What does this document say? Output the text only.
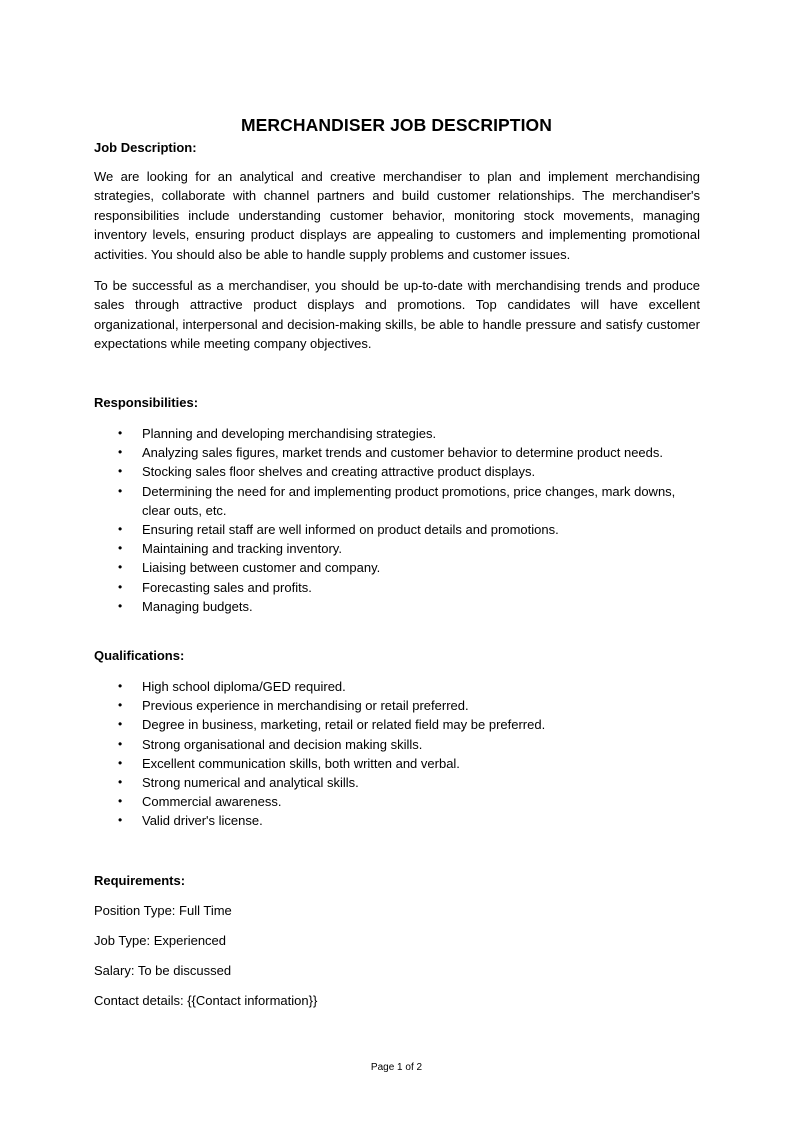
MERCHANDISER JOB DESCRIPTION
Job Description:
We are looking for an analytical and creative merchandiser to plan and implement merchandising strategies, collaborate with channel partners and build customer relationships. The merchandiser's responsibilities include understanding customer behavior, monitoring stock movements, managing inventory levels, ensuring product displays are appealing to customers and implementing promotional activities. You should also be able to handle supply problems and customer issues.
To be successful as a merchandiser, you should be up-to-date with merchandising trends and produce sales through attractive product displays and promotions. Top candidates will have excellent organizational, interpersonal and decision-making skills, be able to handle pressure and satisfy customer expectations while meeting company objectives.
Responsibilities:
• Planning and developing merchandising strategies.
• Analyzing sales figures, market trends and customer behavior to determine product needs.
• Stocking sales floor shelves and creating attractive product displays.
• Determining the need for and implementing product promotions, price changes, mark downs, clear outs, etc.
• Ensuring retail staff are well informed on product details and promotions.
• Maintaining and tracking inventory.
• Liaising between customer and company.
• Forecasting sales and profits.
• Managing budgets.
Qualifications:
• High school diploma/GED required.
• Previous experience in merchandising or retail preferred.
• Degree in business, marketing, retail or related field may be preferred.
• Strong organisational and decision making skills.
• Excellent communication skills, both written and verbal.
• Strong numerical and analytical skills.
• Commercial awareness.
• Valid driver's license.
Requirements:
Position Type: Full Time
Job Type: Experienced
Salary: To be discussed
Contact details: {{Contact information}}
Page 1 of 2
